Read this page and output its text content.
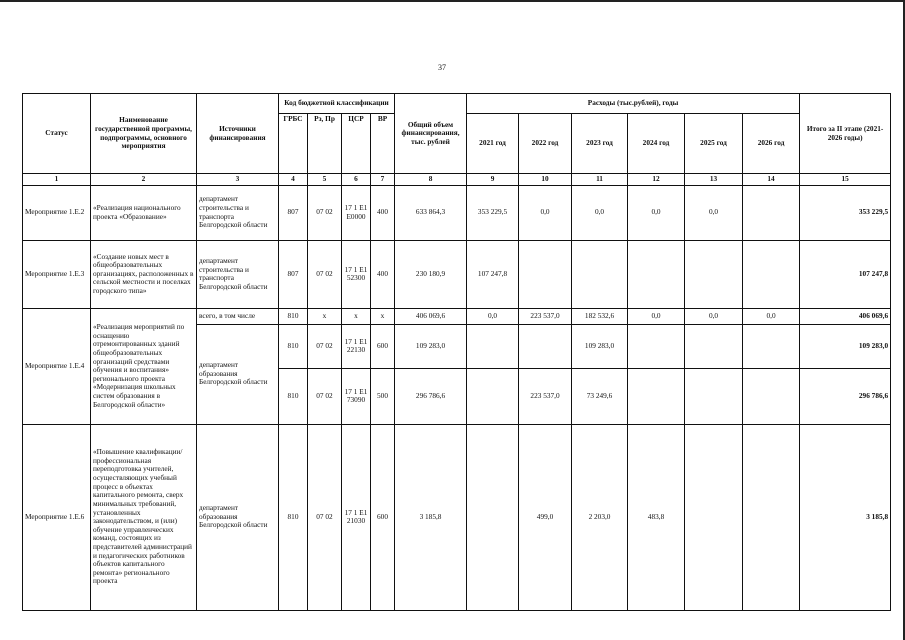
37
Статус	Наименование государственной программы, подпрограммы, основного мероприятия	Источники финансирования	Код бюджетной классификации				Общий объем финансирования, тыс. рублей	Расходы (тыс.рублей), годы						Итого за II этапе (2021-2026 годы)
			ГРБС	Рз, Пр	ЦСР	ВР		2021 год	2022 год	2023 год	2024 год	2025 год	2026 год	
1	2	3	4	5	6	7	8	9	10	11	12	13	14	15
Мероприятие 1.Е.2	«Реализация национального проекта «Образование»	департамент строительства и транспорта Белгородской области	807	07 02	17 1 Е1 Е0000	400	633 864,3	353 229,5	0,0	0,0	0,0	0,0		353 229,5
Мероприятие 1.Е.3	«Создание новых мест в общеобразовательных организациях, расположенных в сельской местности и поселках городского типа»	департамент строительства и транспорта Белгородской области	807	07 02	17 1 Е1 52300	400	230 180,9	107 247,8						107 247,8
Мероприятие 1.Е.4	«Реализация мероприятий по оснащению отремонтированных зданий общеобразовательных организаций средствами обучения и воспитания» регионального проекта «Модернизация школьных систем образования в Белгородской области»	всего, в том числе	810	х	х	х	406 069,6	0,0	223 537,0	182 532,6	0,0	0,0	0,0	406 069,6
		департамент образования Белгородской области	810	07 02	17 1 Е1 22130	600	109 283,0			109 283,0				109 283,0
			810	07 02	17 1 Е1 73090	500	296 786,6		223 537,0	73 249,6				296 786,6
Мероприятие 1.Е.6	«Повышение квалификации/ профессиональная переподготовка учителей, осуществляющих учебный процесс в объектах капитального ремонта, сверх минимальных требований, установленных законодательством, и (или) обучение управленческих команд, состоящих из представителей администраций и педагогических работников объектов капитального ремонта» регионального проекта	департамент образования Белгородской области	810	07 02	17 1 Е1 21030	600	3 185,8		499,0	2 203,0	483,8			3 185,8
